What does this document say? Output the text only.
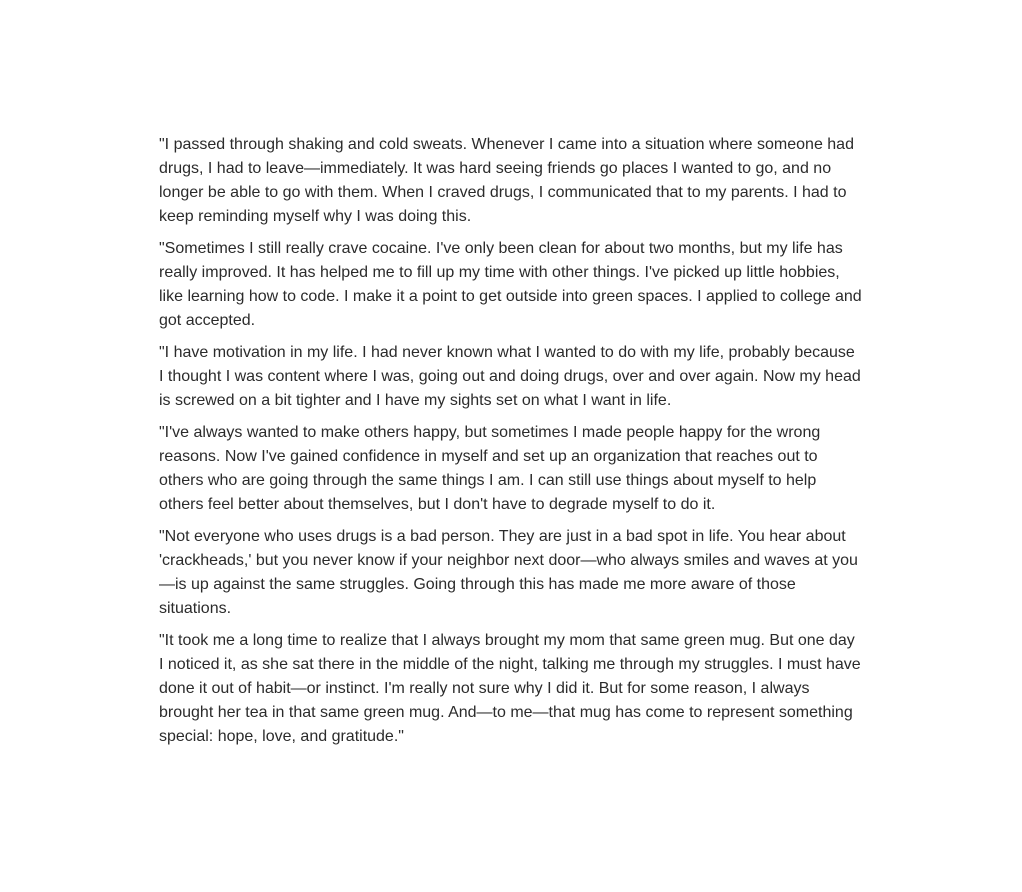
"I passed through shaking and cold sweats. Whenever I came into a situation where someone had drugs, I had to leave—immediately. It was hard seeing friends go places I wanted to go, and no longer be able to go with them. When I craved drugs, I communicated that to my parents. I had to keep reminding myself why I was doing this.

"Sometimes I still really crave cocaine. I've only been clean for about two months, but my life has really improved. It has helped me to fill up my time with other things. I've picked up little hobbies, like learning how to code. I make it a point to get outside into green spaces. I applied to college and got accepted.

"I have motivation in my life. I had never known what I wanted to do with my life, probably because I thought I was content where I was, going out and doing drugs, over and over again. Now my head is screwed on a bit tighter and I have my sights set on what I want in life.

"I've always wanted to make others happy, but sometimes I made people happy for the wrong reasons. Now I've gained confidence in myself and set up an organization that reaches out to others who are going through the same things I am. I can still use things about myself to help others feel better about themselves, but I don't have to degrade myself to do it.

"Not everyone who uses drugs is a bad person. They are just in a bad spot in life. You hear about 'crackheads,' but you never know if your neighbor next door—who always smiles and waves at you—is up against the same struggles. Going through this has made me more aware of those situations.

"It took me a long time to realize that I always brought my mom that same green mug. But one day I noticed it, as she sat there in the middle of the night, talking me through my struggles. I must have done it out of habit—or instinct. I'm really not sure why I did it. But for some reason, I always brought her tea in that same green mug. And—to me—that mug has come to represent something special: hope, love, and gratitude."
